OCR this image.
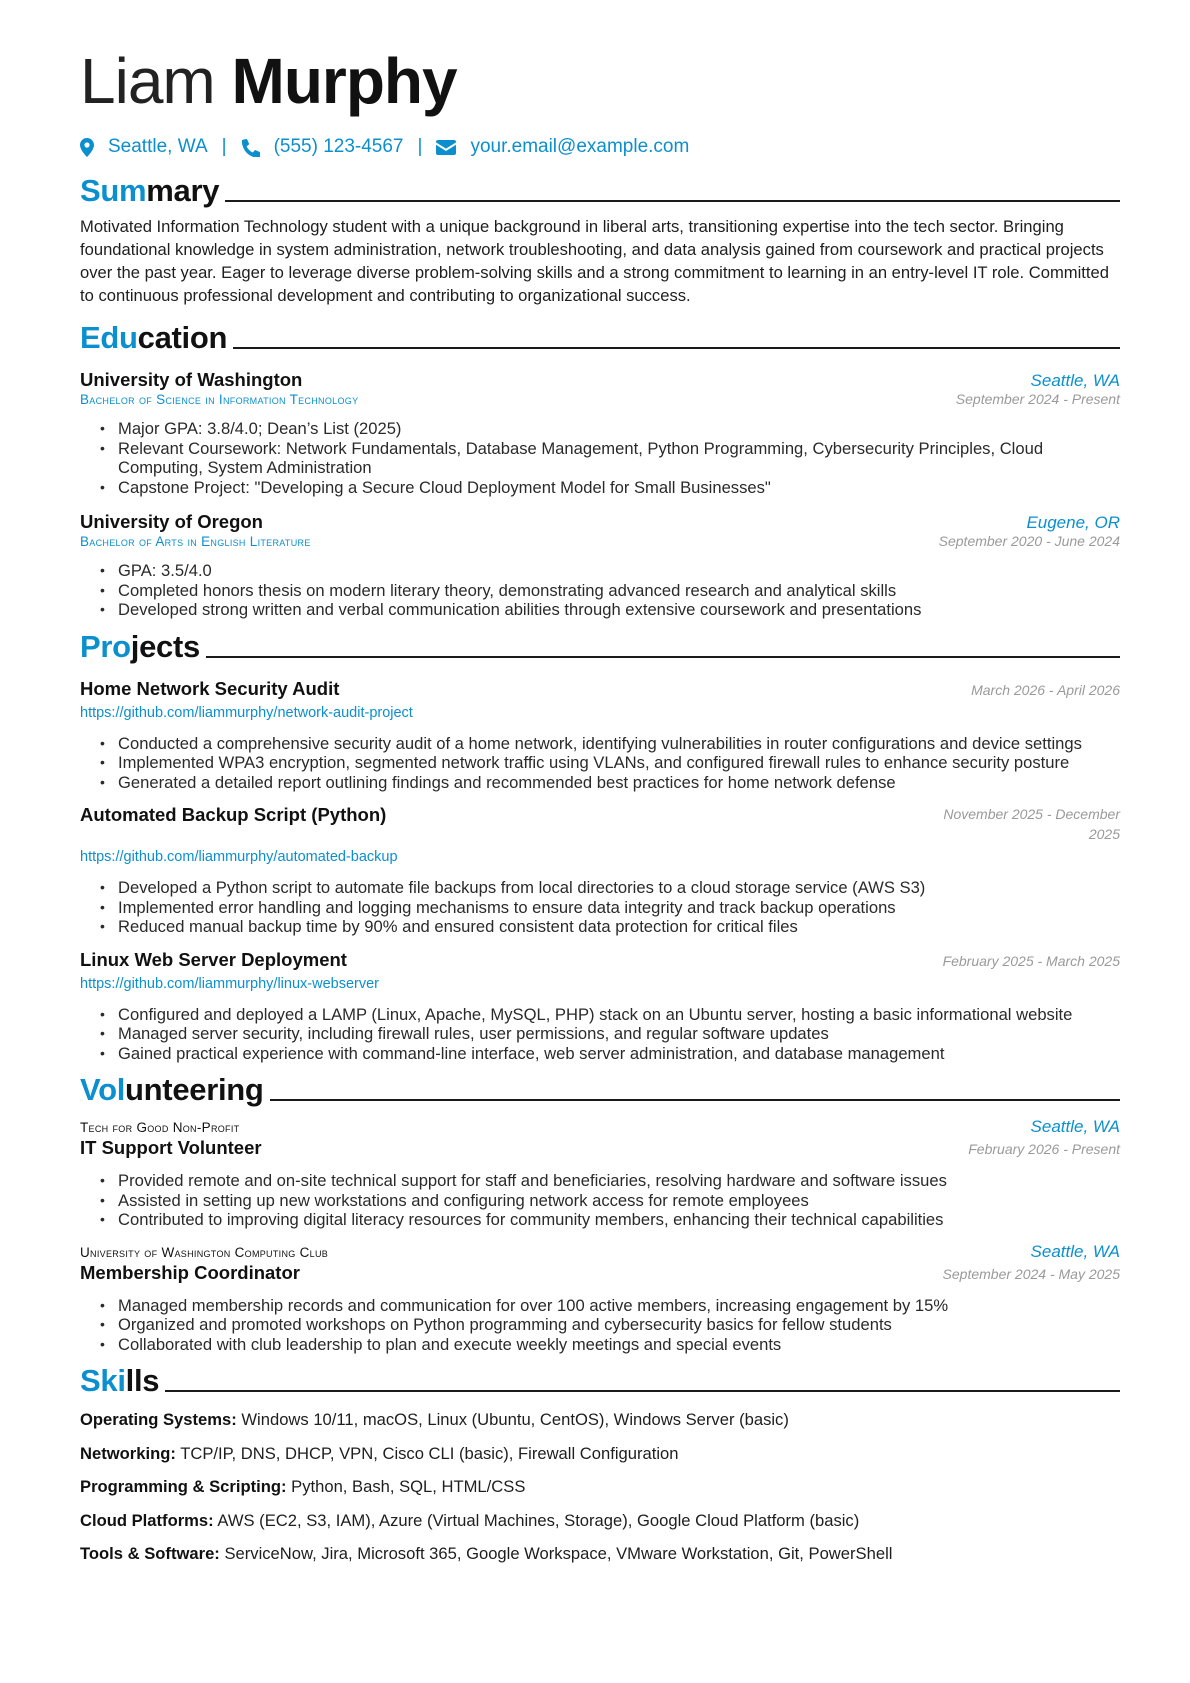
Liam Murphy
Seattle, WA | (555) 123-4567 |	your.email@example.com
Summary
Motivated Information Technology student with a unique background in liberal arts, transitioning expertise into the tech sector. Bringing foundational knowledge in system administration, network troubleshooting, and data analysis gained from coursework and practical projects over the past year. Eager to leverage diverse problem-solving skills and a strong commitment to learning in an entry-level IT role. Committed to continuous professional development and contributing to organizational success.
Education
University of Washington	Seattle, WA
Bachelor of Science in Information Technology	September 2024 - Present
• Major GPA: 3.8/4.0; Dean’s List (2025)
• Relevant Coursework: Network Fundamentals, Database Management, Python Programming, Cybersecurity Principles, Cloud Computing, System Administration
• Capstone Project: "Developing a Secure Cloud Deployment Model for Small Businesses"
University of Oregon	Eugene, OR
Bachelor of Arts in English Literature	September 2020 - June 2024
• GPA: 3.5/4.0
• Completed honors thesis on modern literary theory, demonstrating advanced research and analytical skills
• Developed strong written and verbal communication abilities through extensive coursework and presentations
Projects
Home Network Security Audit	March 2026 - April 2026
https://github.com/liammurphy/network-audit-project
• Conducted a comprehensive security audit of a home network, identifying vulnerabilities in router configurations and device settings
• Implemented WPA3 encryption, segmented network traffic using VLANs, and configured firewall rules to enhance security posture
• Generated a detailed report outlining findings and recommended best practices for home network defense
Automated Backup Script (Python)	November 2025 - December 2025
https://github.com/liammurphy/automated-backup
• Developed a Python script to automate file backups from local directories to a cloud storage service (AWS S3)
• Implemented error handling and logging mechanisms to ensure data integrity and track backup operations
• Reduced manual backup time by 90% and ensured consistent data protection for critical files
Linux Web Server Deployment	February 2025 - March 2025
https://github.com/liammurphy/linux-webserver
• Configured and deployed a LAMP (Linux, Apache, MySQL, PHP) stack on an Ubuntu server, hosting a basic informational website
• Managed server security, including firewall rules, user permissions, and regular software updates
• Gained practical experience with command-line interface, web server administration, and database management
Volunteering
Tech for Good Non-Profit	Seattle, WA
IT Support Volunteer	February 2026 - Present
• Provided remote and on-site technical support for staff and beneficiaries, resolving hardware and software issues
• Assisted in setting up new workstations and configuring network access for remote employees
• Contributed to improving digital literacy resources for community members, enhancing their technical capabilities
University of Washington Computing Club	Seattle, WA
Membership Coordinator	September 2024 - May 2025
• Managed membership records and communication for over 100 active members, increasing engagement by 15%
• Organized and promoted workshops on Python programming and cybersecurity basics for fellow students
• Collaborated with club leadership to plan and execute weekly meetings and special events
Skills
Operating Systems: Windows 10/11, macOS, Linux (Ubuntu, CentOS), Windows Server (basic)
Networking: TCP/IP, DNS, DHCP, VPN, Cisco CLI (basic), Firewall Configuration
Programming & Scripting: Python, Bash, SQL, HTML/CSS
Cloud Platforms: AWS (EC2, S3, IAM), Azure (Virtual Machines, Storage), Google Cloud Platform (basic)
Tools & Software: ServiceNow, Jira, Microsoft 365, Google Workspace, VMware Workstation, Git, PowerShell
